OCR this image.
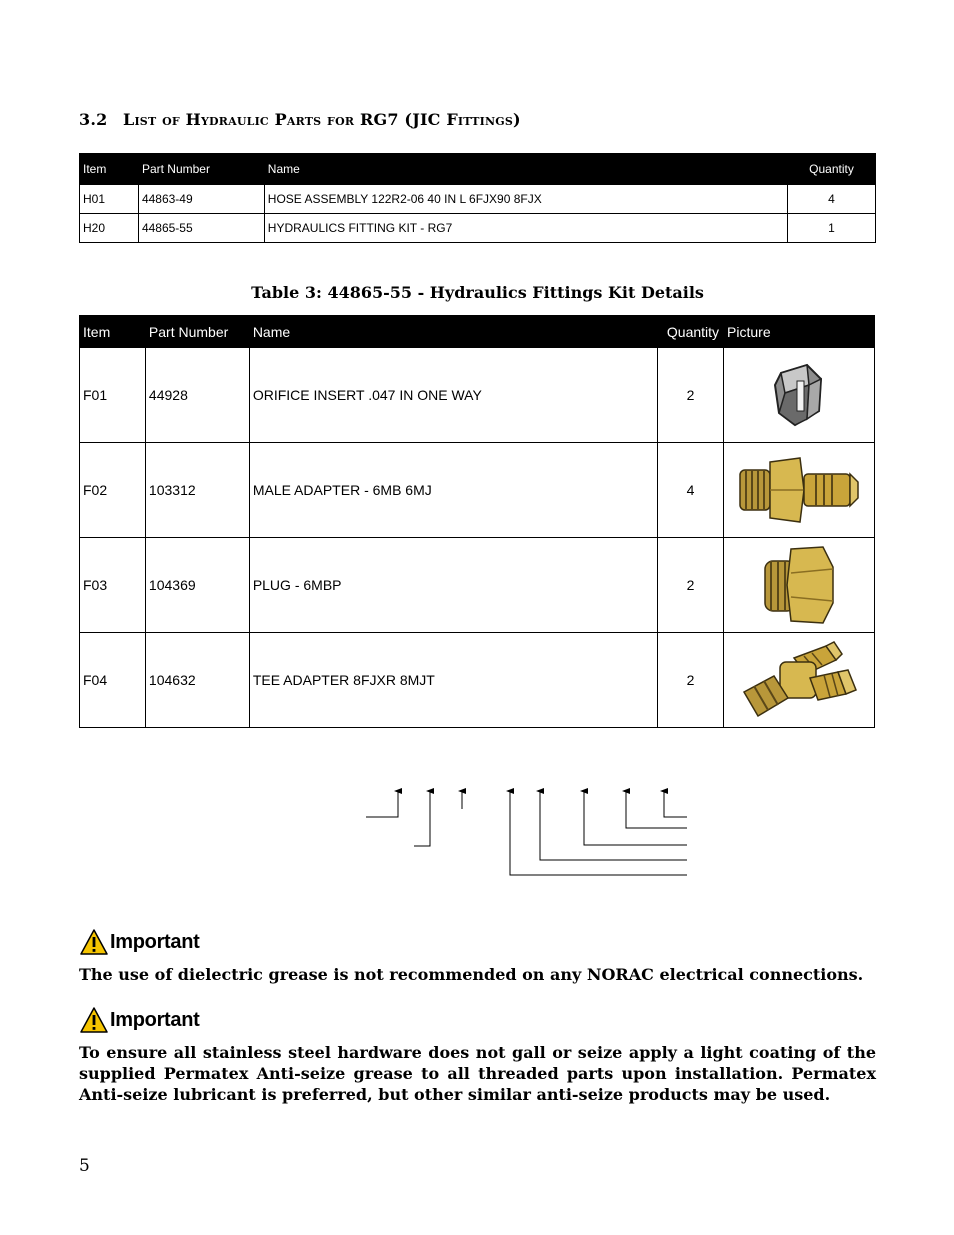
3.2 List of Hydraulic Parts for RG7 (JIC Fittings)
Item	Part Number	Name	Quantity
H01	44863-49	HOSE ASSEMBLY 122R2-06 40 IN L 6FJX90 8FJX	4
H20	44865-55	HYDRAULICS FITTING KIT - RG7	1
Table 3: 44865-55 - Hydraulics Fittings Kit Details
Item	Part Number	Name	Quantity	Picture
F01	44928	ORIFICE INSERT .047 IN ONE WAY	2	

F02	103312	MALE ADAPTER - 6MB 6MJ	4	

F03	104369	PLUG - 6MBP	2	

F04	104632	TEE ADAPTER 8FJXR 8MJT	2	
Important
The use of dielectric grease is not recommended on any NORAC electrical connections.
Important
To ensure all stainless steel hardware does not gall or seize apply a light coating of the supplied Permatex Anti-seize grease to all threaded parts upon installation. Permatex Anti-seize lubricant is preferred, but other similar anti-seize products may be used.
5
